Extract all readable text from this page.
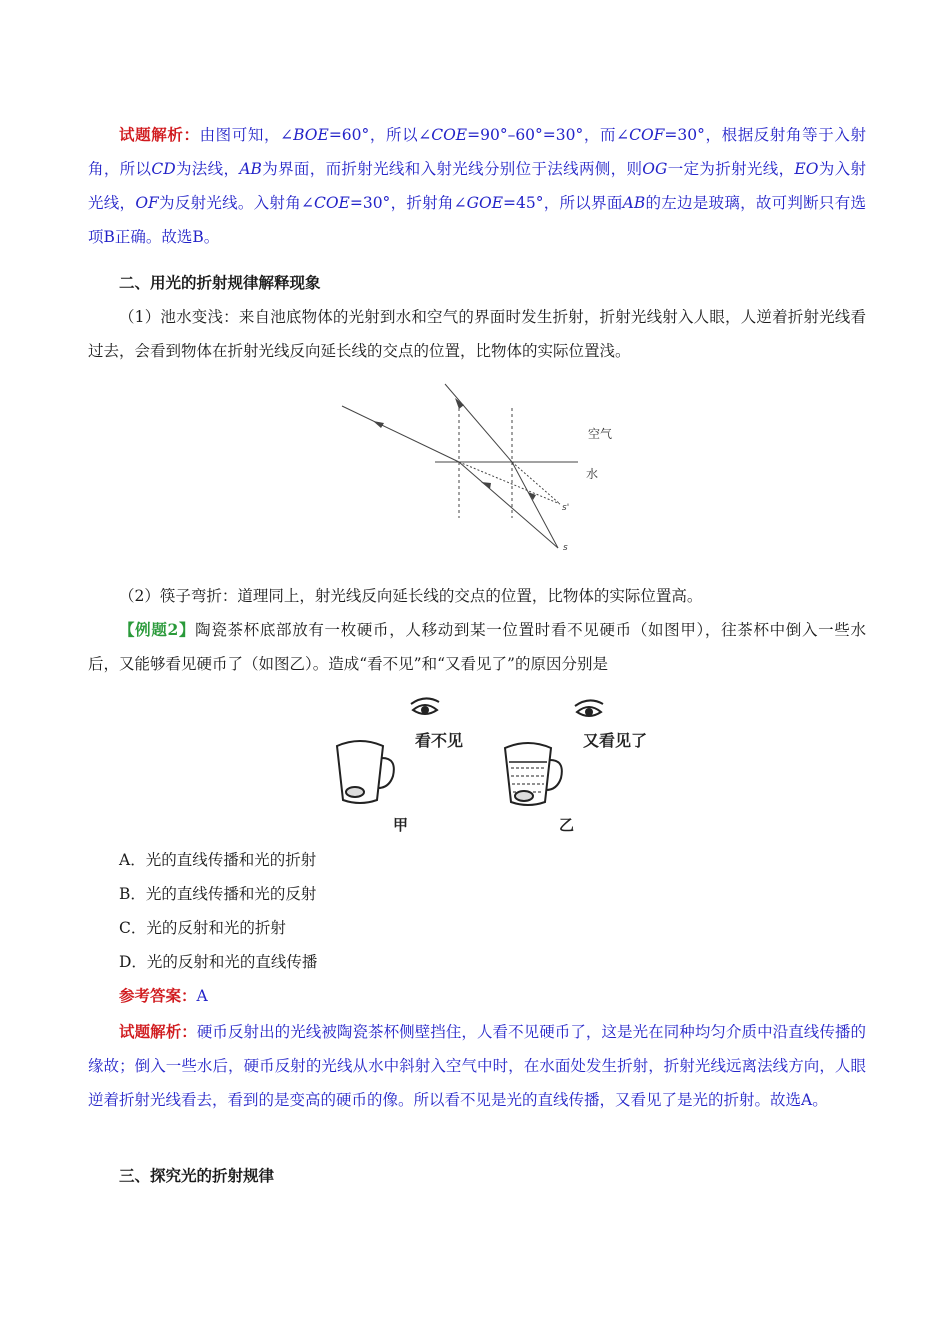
试题解析：由图可知，∠BOE=60°，所以∠COE=90°–60°=30°，而∠COF=30°，根据反射角等于入射角，所以CD为法线，AB为界面，而折射光线和入射光线分别位于法线两侧，则OG一定为折射光线，EO为入射光线，OF为反射光线。入射角∠COE=30°，折射角∠GOE=45°，所以界面AB的左边是玻璃，故可判断只有选项B正确。故选B。
二、用光的折射规律解释现象
（1）池水变浅：来自池底物体的光射到水和空气的界面时发生折射，折射光线射入人眼，人逆着折射光线看过去，会看到物体在折射光线反向延长线的交点的位置，比物体的实际位置浅。
空气
水
s'
s
（2）筷子弯折：道理同上，射光线反向延长线的交点的位置，比物体的实际位置高。
【例题2】陶瓷茶杯底部放有一枚硬币，人移动到某一位置时看不见硬币（如图甲），往茶杯中倒入一些水后，又能够看见硬币了（如图乙）。造成“看不见”和“又看见了”的原因分别是
看不见
甲
又看见了
乙
A．光的直线传播和光的折射
B．光的直线传播和光的反射
C．光的反射和光的折射
D．光的反射和光的直线传播
参考答案：A
试题解析：硬币反射出的光线被陶瓷茶杯侧壁挡住，人看不见硬币了，这是光在同种均匀介质中沿直线传播的缘故；倒入一些水后，硬币反射的光线从水中斜射入空气中时，在水面处发生折射，折射光线远离法线方向，人眼逆着折射光线看去，看到的是变高的硬币的像。所以看不见是光的直线传播，又看见了是光的折射。故选A。
三、探究光的折射规律
